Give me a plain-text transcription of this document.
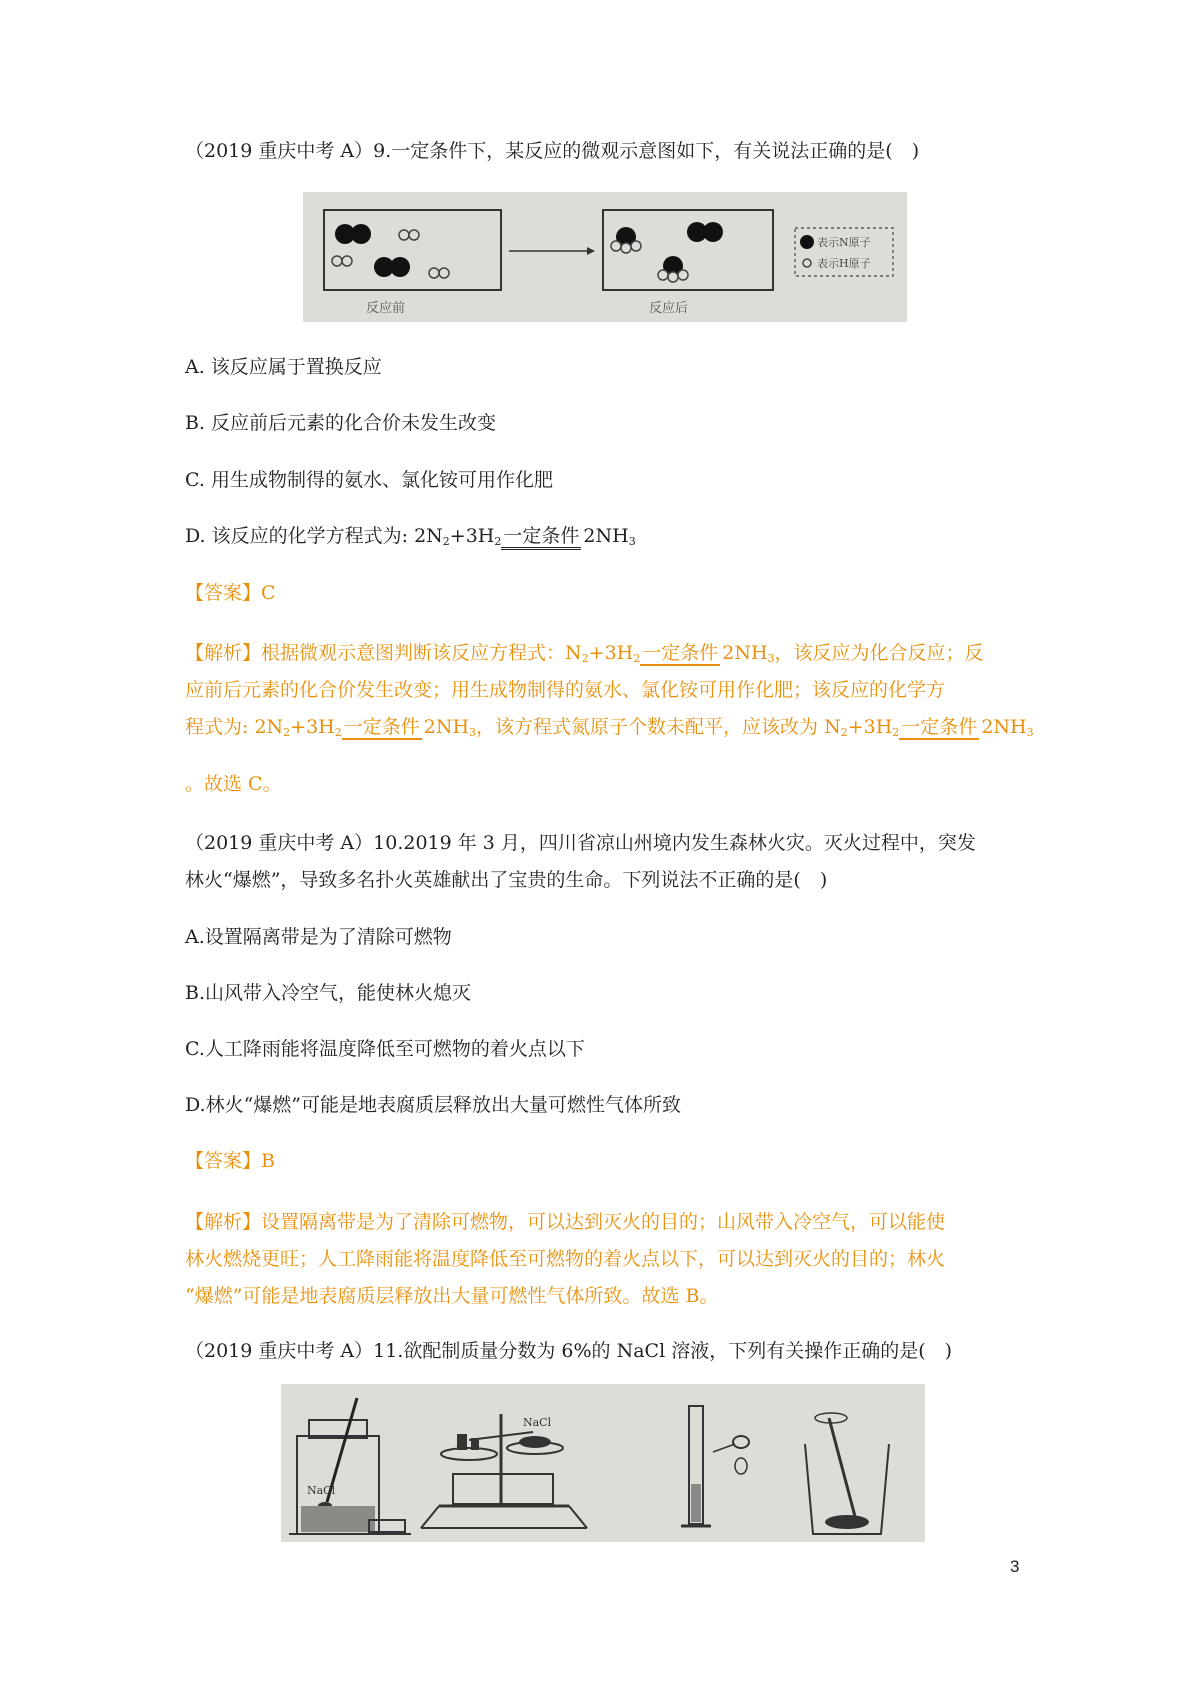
（2019 重庆中考 A）9.一定条件下，某反应的微观示意图如下，有关说法正确的是(　)
反应前	反应后
表示N原子
表示H原子
A. 该反应属于置换反应
B. 反应前后元素的化合价未发生改变
C. 用生成物制得的氨水、氯化铵可用作化肥
D. 该反应的化学方程式为: $2N_2+3H_2$ 一定条件 $2NH_3$
【答案】C
【解析】根据微观示意图判断该反应方程式：$N_2+3H_2$ 一定条件 $2NH_3$，该反应为化合反应；反
应前后元素的化合价发生改变；用生成物制得的氨水、氯化铵可用作化肥；该反应的化学方
程式为: $2N_2+3H_2$ 一定条件 $2NH_3$，该方程式氮原子个数未配平，应该改为 $N_2+3H_2$ 一定条件 $2NH_3$
。故选 C。
（2019 重庆中考 A）10.2019 年 3 月，四川省凉山州境内发生森林火灾。灭火过程中，突发
林火“爆燃”，导致多名扑火英雄献出了宝贵的生命。下列说法不正确的是(　)
A.设置隔离带是为了清除可燃物
B.山风带入冷空气，能使林火熄灭
C.人工降雨能将温度降低至可燃物的着火点以下
D.林火“爆燃”可能是地表腐质层释放出大量可燃性气体所致
【答案】B
【解析】设置隔离带是为了清除可燃物，可以达到灭火的目的；山风带入冷空气，可以能使
林火燃烧更旺；人工降雨能将温度降低至可燃物的着火点以下，可以达到灭火的目的；林火
“爆燃”可能是地表腐质层释放出大量可燃性气体所致。故选 B。
（2019 重庆中考 A）11.欲配制质量分数为 6%的 NaCl 溶液，下列有关操作正确的是(　)
NaCl
NaCl
3
